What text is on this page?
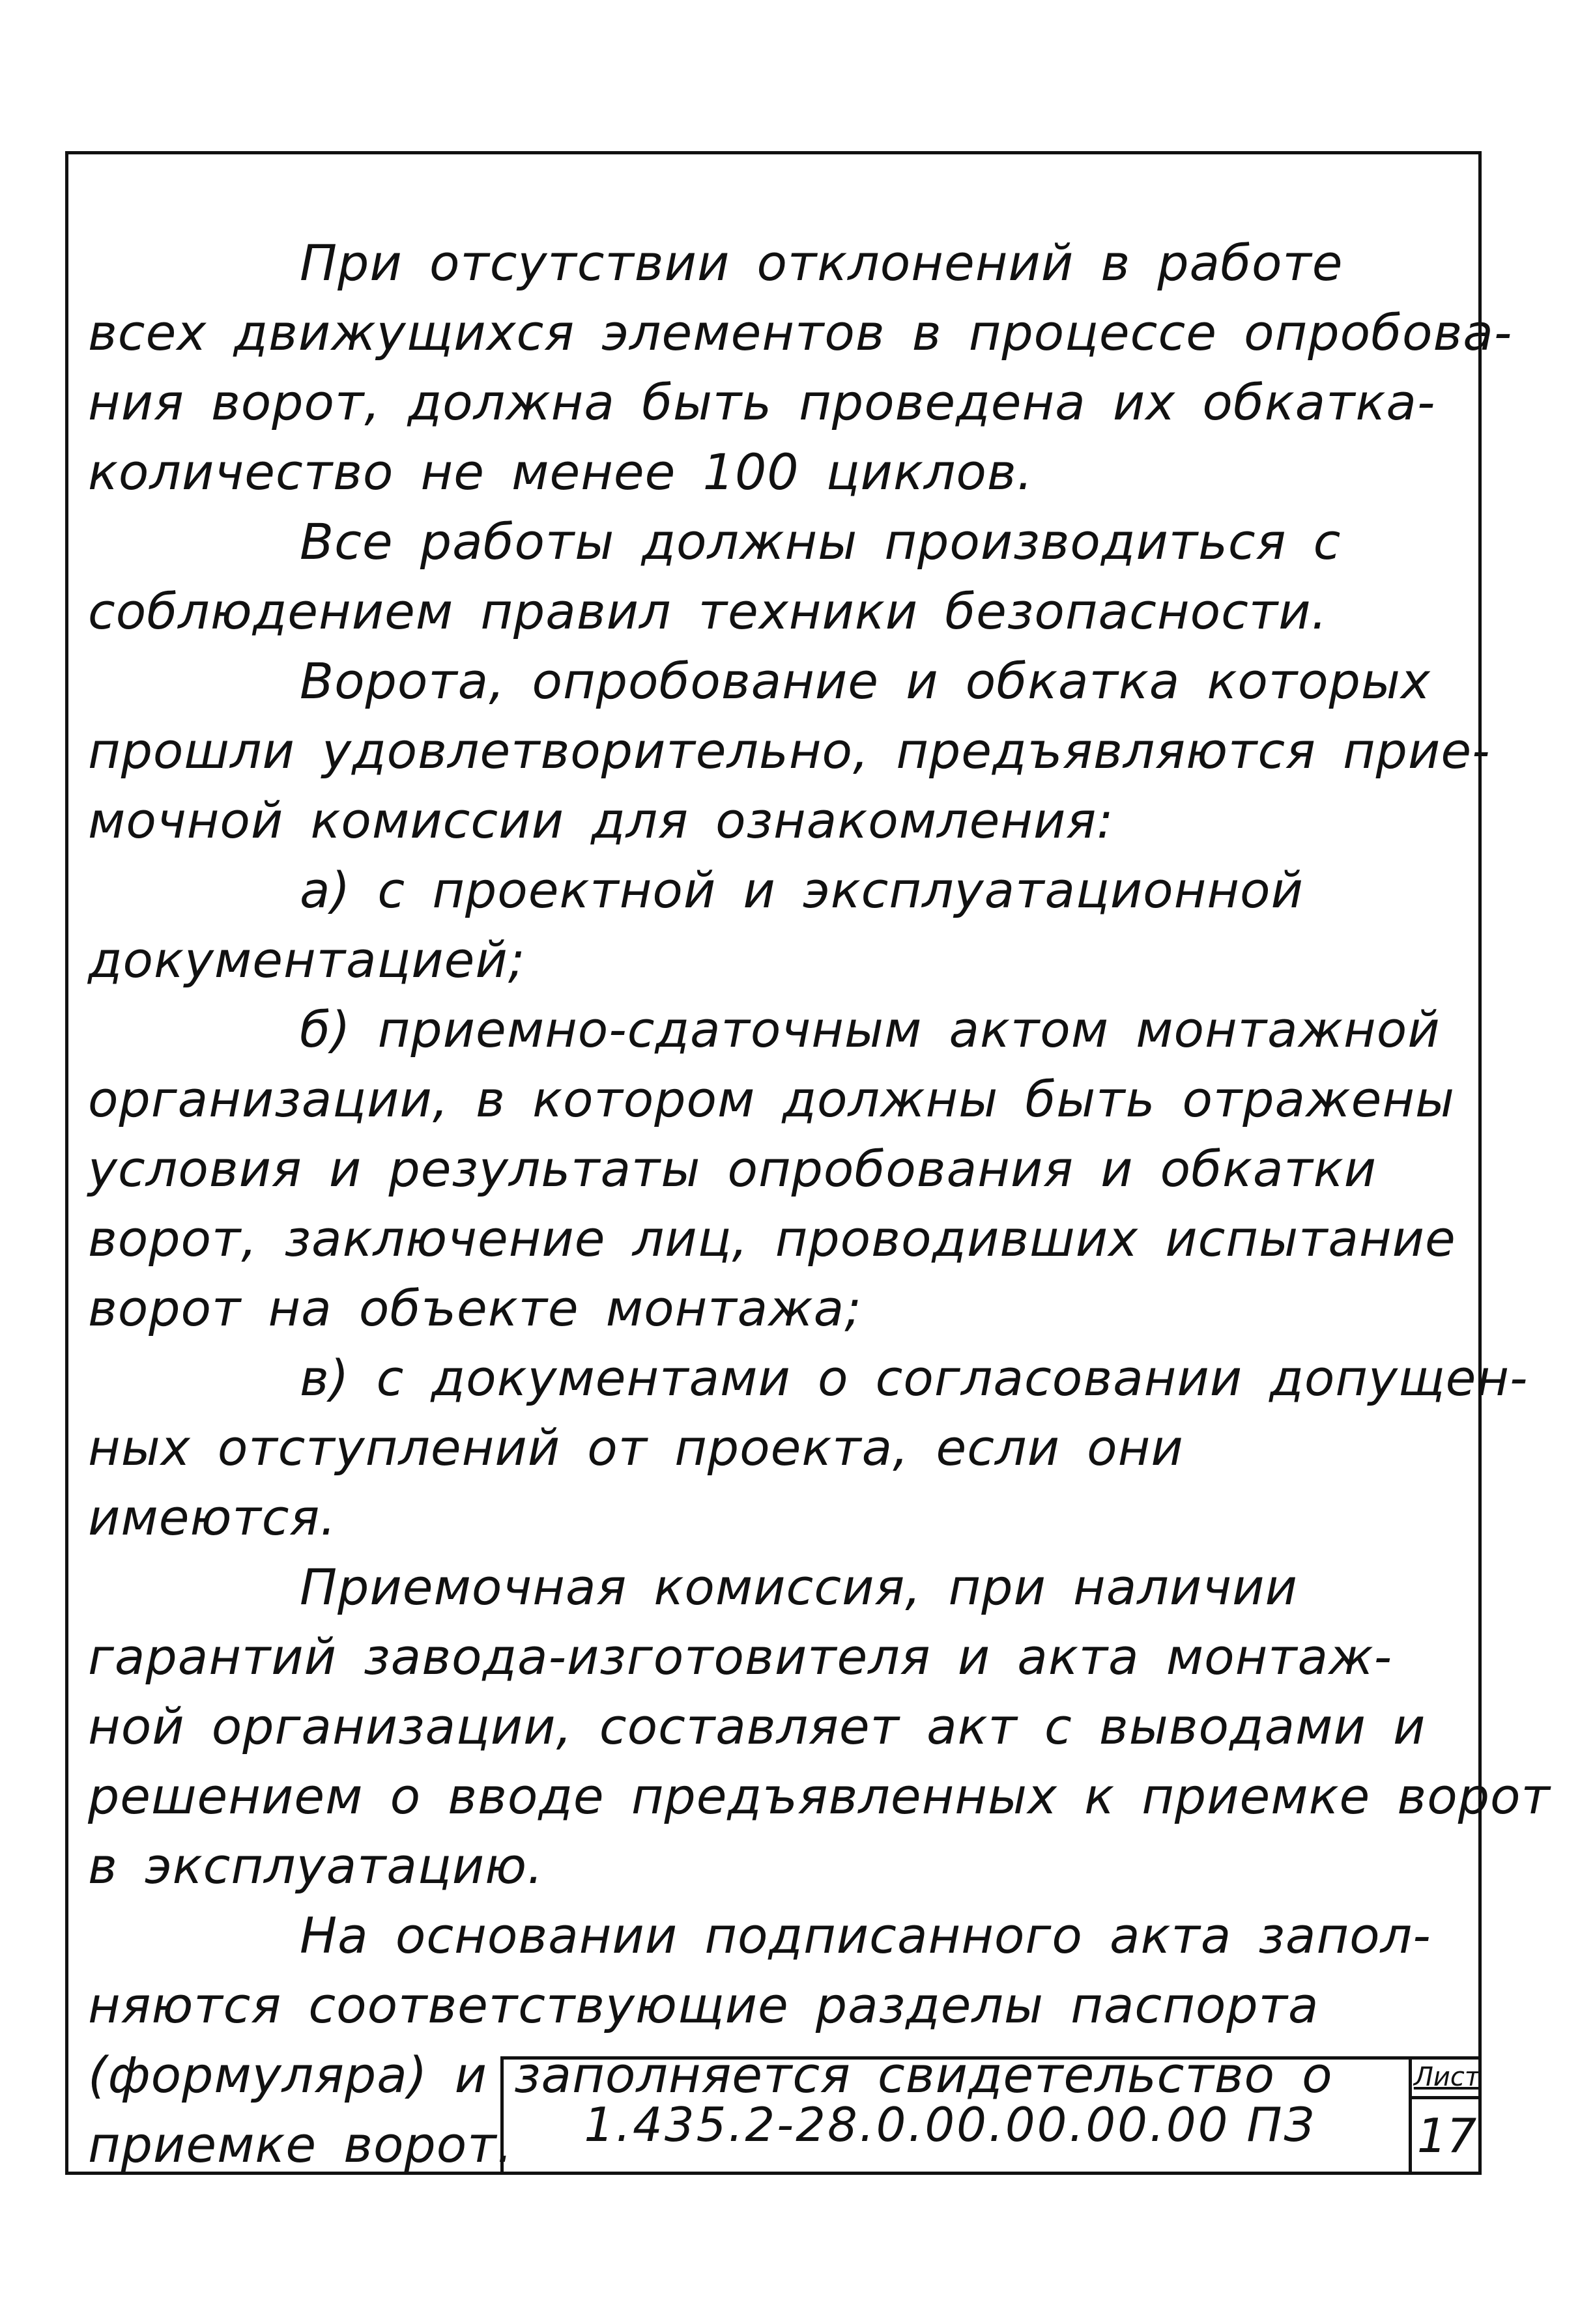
При отсутствии отклонений в работе
всех движущихся элементов в процессе опробова-
ния ворот, должна быть проведена их обкатка-
количество не менее 100 циклов.
Все работы должны производиться с
соблюдением правил техники безопасности.
Ворота, опробование и обкатка которых
прошли удовлетворительно, предъявляются прие-
мочной комиссии для ознакомления:
а) с проектной и эксплуатационной
документацией;
б) приемно-сдаточным актом монтажной
организации, в котором должны быть отражены
условия и результаты опробования и обкатки
ворот, заключение лиц, проводивших испытание
ворот на объекте монтажа;
в) с документами о согласовании допущен-
ных отступлений от проекта, если они
имеются.
Приемочная комиссия, при наличии
гарантий завода-изготовителя и акта монтаж-
ной организации, составляет акт с выводами и
решением о вводе предъявленных к приемке ворот
в эксплуатацию.
На основании подписанного акта запол-
няются соответствующие разделы паспорта
(формуляра) и заполняется свидетельство о
приемке ворот.	1.435.2-28.0.00.00.00.00 ПЗ
Лист
17
